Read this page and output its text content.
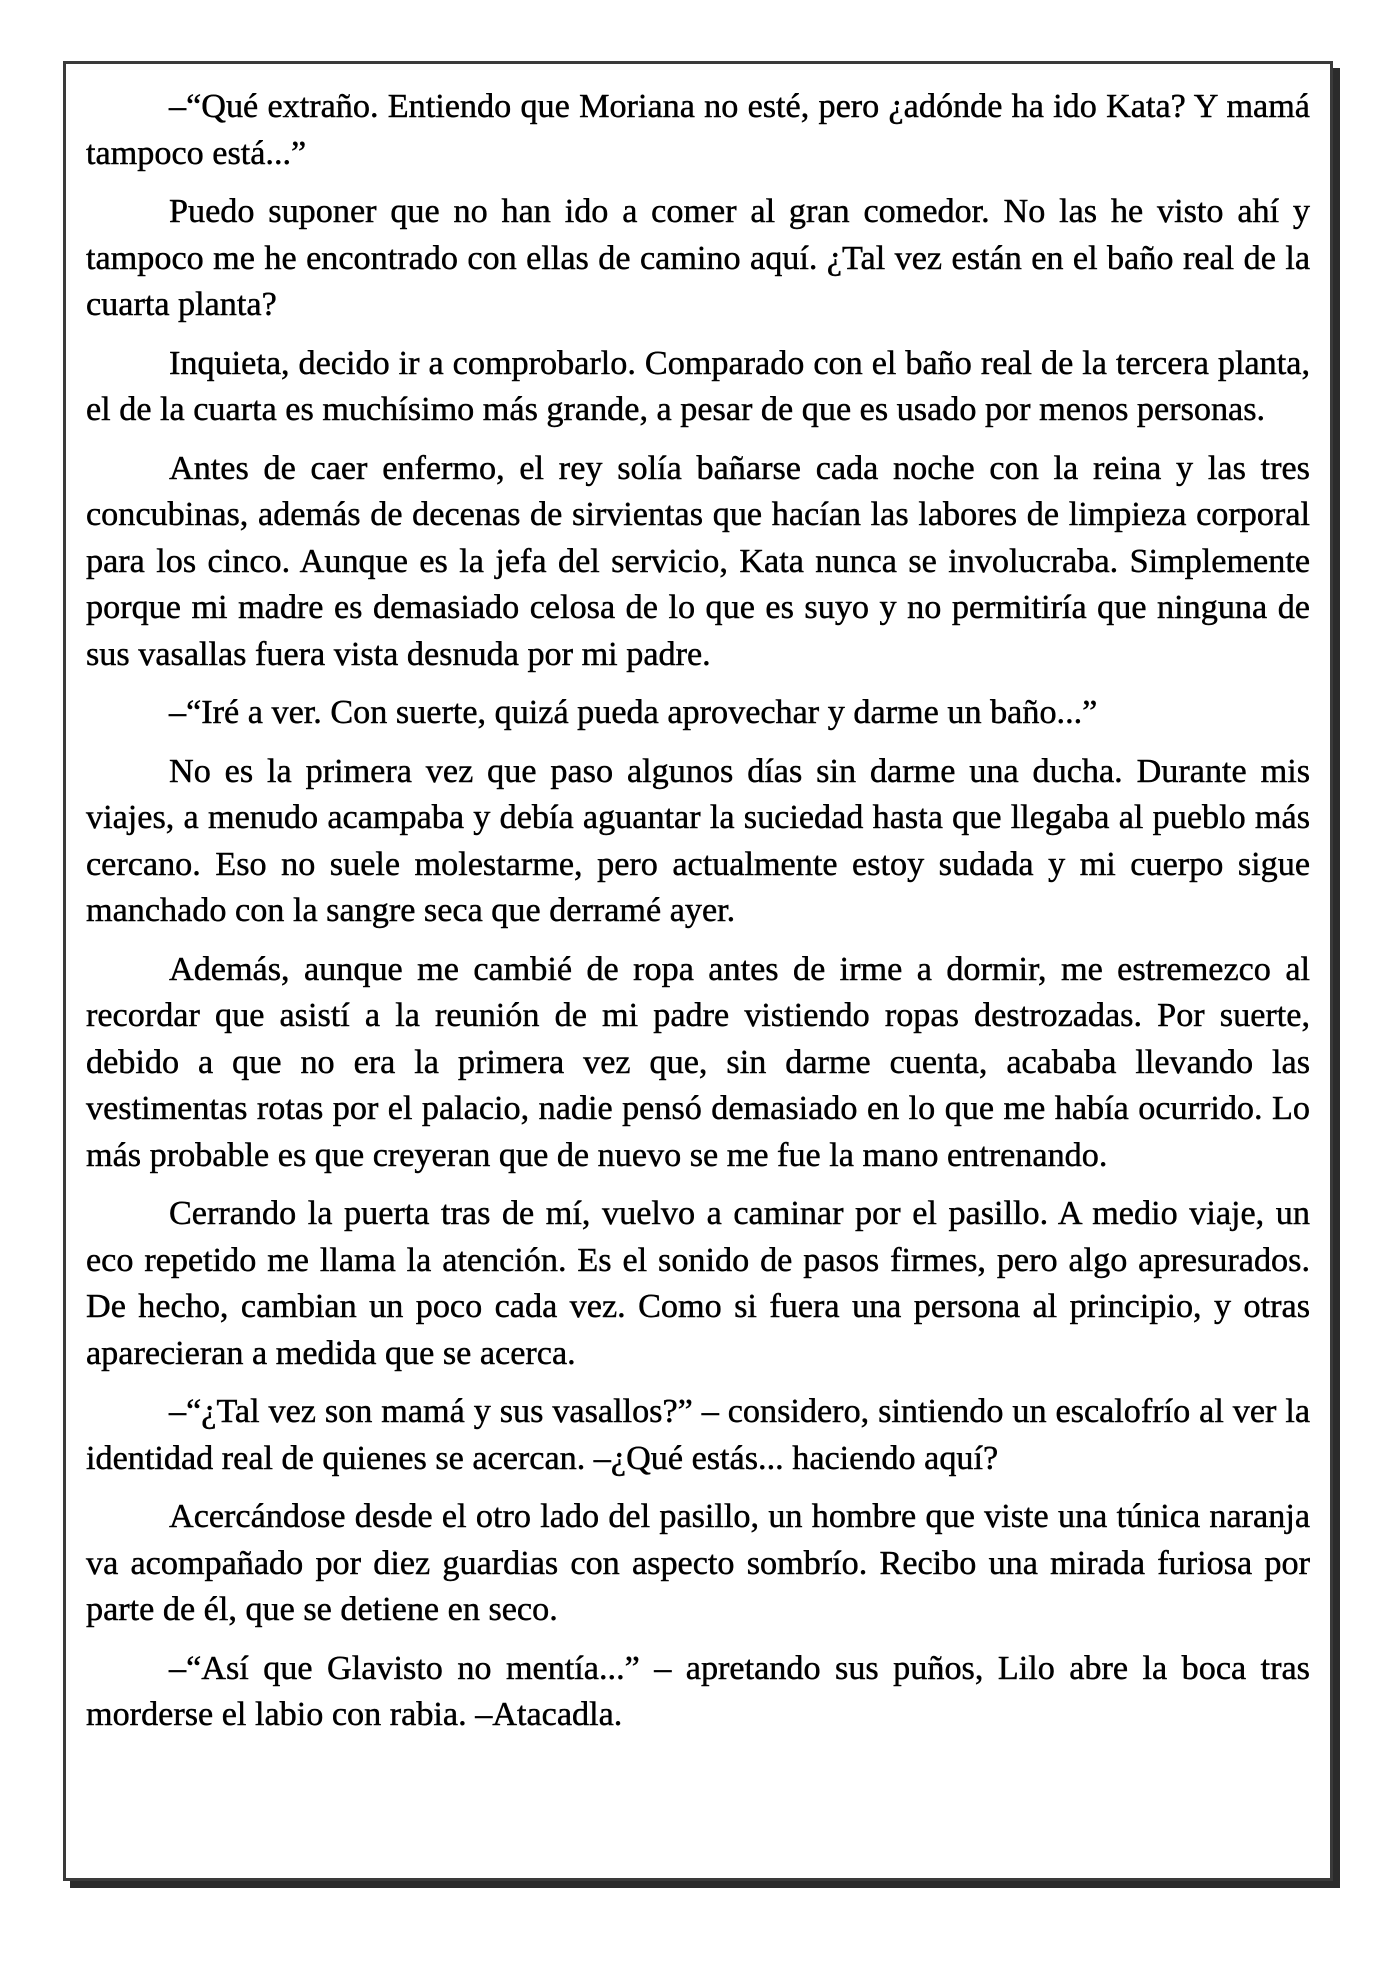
–“Qué extraño. Entiendo que Moriana no esté, pero ¿adónde ha ido Kata? Y mamá tampoco está...”

Puedo suponer que no han ido a comer al gran comedor. No las he visto ahí y tampoco me he encontrado con ellas de camino aquí. ¿Tal vez están en el baño real de la cuarta planta?

Inquieta, decido ir a comprobarlo. Comparado con el baño real de la tercera planta, el de la cuarta es muchísimo más grande, a pesar de que es usado por menos personas.

Antes de caer enfermo, el rey solía bañarse cada noche con la reina y las tres concubinas, además de decenas de sirvientas que hacían las labores de limpieza corporal para los cinco. Aunque es la jefa del servicio, Kata nunca se involucraba. Simplemente porque mi madre es demasiado celosa de lo que es suyo y no permitiría que ninguna de sus vasallas fuera vista desnuda por mi padre.

–“Iré a ver. Con suerte, quizá pueda aprovechar y darme un baño...”

No es la primera vez que paso algunos días sin darme una ducha. Durante mis viajes, a menudo acampaba y debía aguantar la suciedad hasta que llegaba al pueblo más cercano. Eso no suele molestarme, pero actualmente estoy sudada y mi cuerpo sigue manchado con la sangre seca que derramé ayer.

Además, aunque me cambié de ropa antes de irme a dormir, me estremezco al recordar que asistí a la reunión de mi padre vistiendo ropas destrozadas. Por suerte, debido a que no era la primera vez que, sin darme cuenta, acababa llevando las vestimentas rotas por el palacio, nadie pensó demasiado en lo que me había ocurrido. Lo más probable es que creyeran que de nuevo se me fue la mano entrenando.

Cerrando la puerta tras de mí, vuelvo a caminar por el pasillo. A medio viaje, un eco repetido me llama la atención. Es el sonido de pasos firmes, pero algo apresurados. De hecho, cambian un poco cada vez. Como si fuera una persona al principio, y otras aparecieran a medida que se acerca.

–“¿Tal vez son mamá y sus vasallos?” – considero, sintiendo un escalofrío al ver la identidad real de quienes se acercan. –¿Qué estás... haciendo aquí?

Acercándose desde el otro lado del pasillo, un hombre que viste una túnica naranja va acompañado por diez guardias con aspecto sombrío. Recibo una mirada furiosa por parte de él, que se detiene en seco.

–“Así que Glavisto no mentía...” – apretando sus puños, Lilo abre la boca tras morderse el labio con rabia. –Atacadla.
